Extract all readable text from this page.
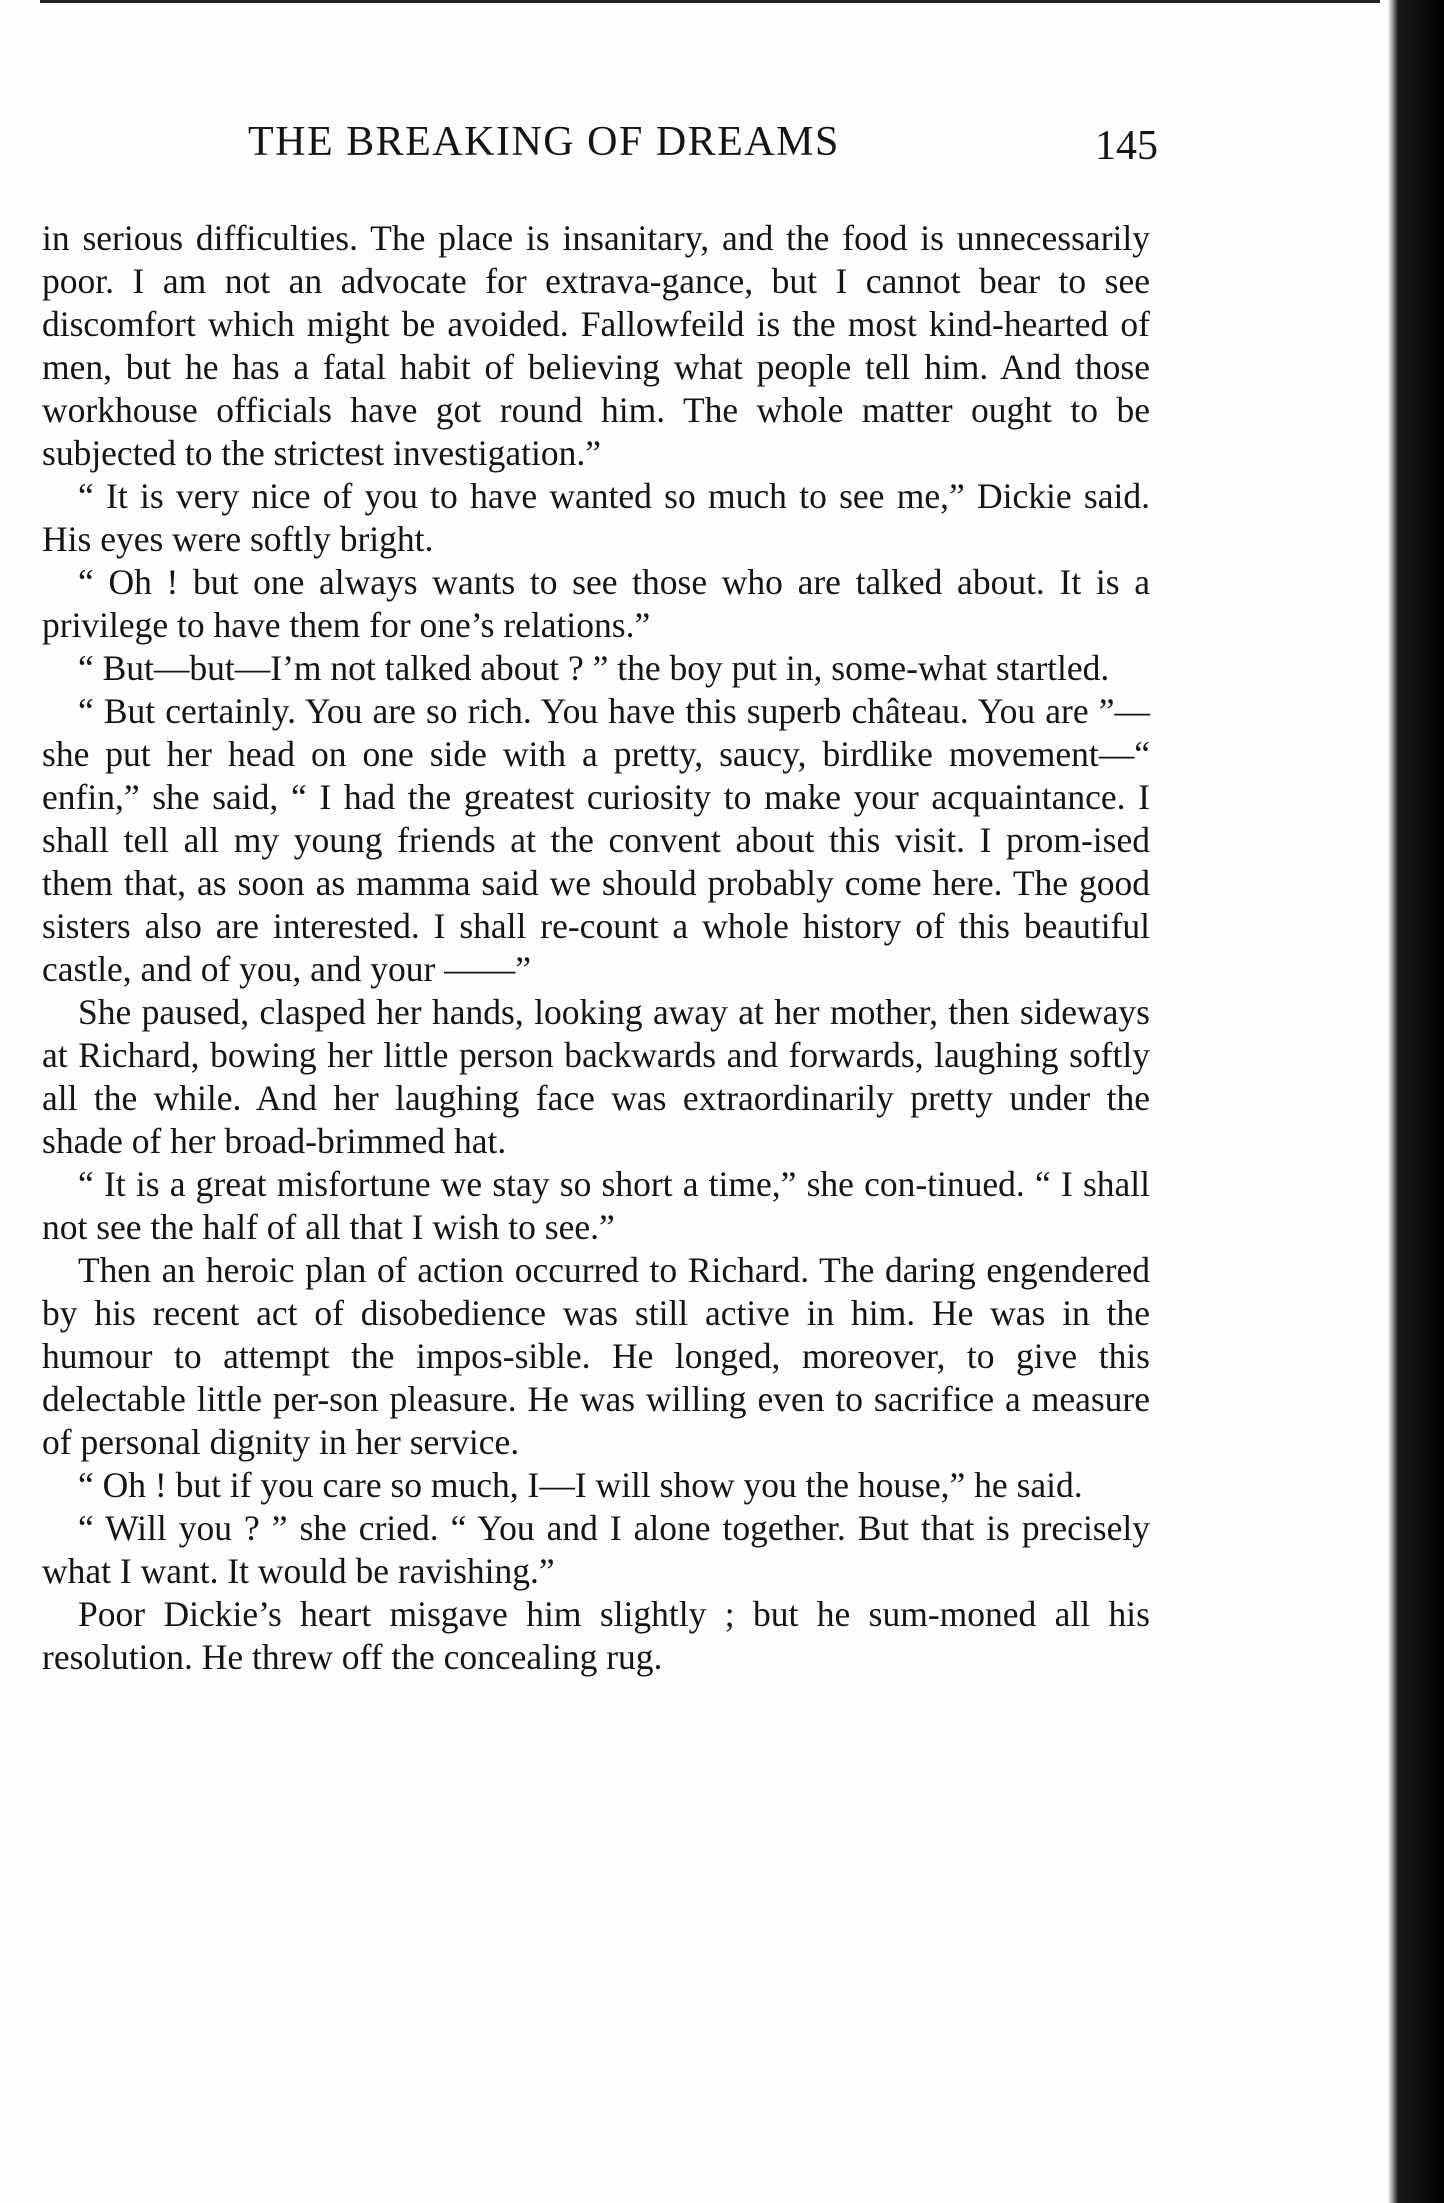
THE BREAKING OF DREAMS	145

in serious difficulties. The place is insanitary, and the food is unnecessarily poor. I am not an advocate for extrava-gance, but I cannot bear to see discomfort which might be avoided. Fallowfeild is the most kind-hearted of men, but he has a fatal habit of believing what people tell him. And those workhouse officials have got round him. The whole matter ought to be subjected to the strictest investigation.”

“ It is very nice of you to have wanted so much to see me,” Dickie said. His eyes were softly bright.

“ Oh ! but one always wants to see those who are talked about. It is a privilege to have them for one’s relations.”

“ But—but—I’m not talked about ? ” the boy put in, some-what startled.

“ But certainly. You are so rich. You have this superb château. You are ”—she put her head on one side with a pretty, saucy, birdlike movement—“ enfin,” she said, “ I had the greatest curiosity to make your acquaintance. I shall tell all my young friends at the convent about this visit. I prom-ised them that, as soon as mamma said we should probably come here. The good sisters also are interested. I shall re-count a whole history of this beautiful castle, and of you, and your ——”

She paused, clasped her hands, looking away at her mother, then sideways at Richard, bowing her little person backwards and forwards, laughing softly all the while. And her laughing face was extraordinarily pretty under the shade of her broad-brimmed hat.

“ It is a great misfortune we stay so short a time,” she con-tinued. “ I shall not see the half of all that I wish to see.”

Then an heroic plan of action occurred to Richard. The daring engendered by his recent act of disobedience was still active in him. He was in the humour to attempt the impos-sible. He longed, moreover, to give this delectable little per-son pleasure. He was willing even to sacrifice a measure of personal dignity in her service.

“ Oh ! but if you care so much, I—I will show you the house,” he said.

“ Will you ? ” she cried. “ You and I alone together. But that is precisely what I want. It would be ravishing.”

Poor Dickie’s heart misgave him slightly ; but he sum-moned all his resolution. He threw off the concealing rug.
